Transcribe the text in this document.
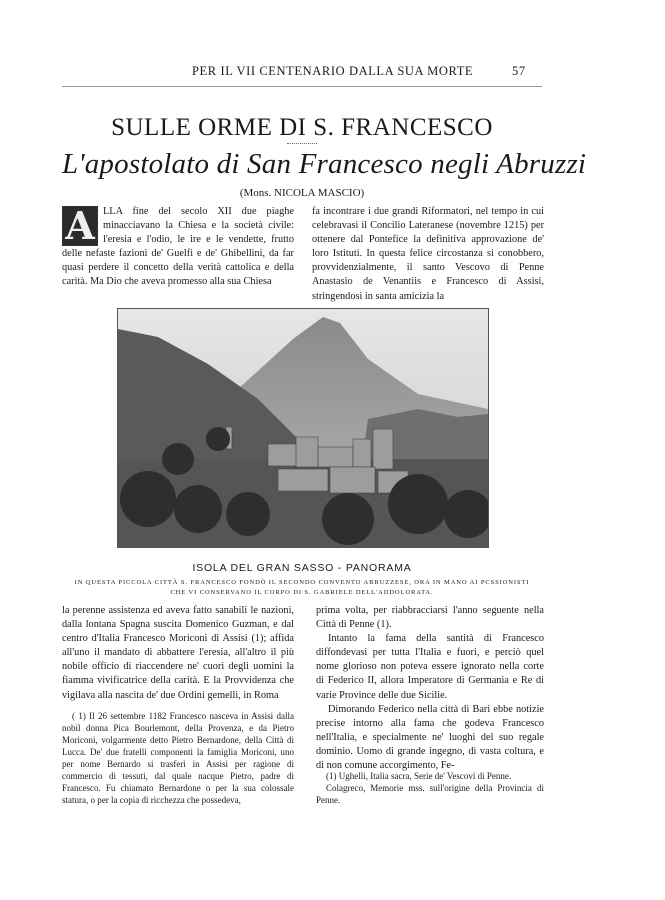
PER IL VII CENTENARIO DALLA SUA MORTE	57
SULLE ORME DI S. FRANCESCO
L'apostolato di San Francesco negli Abruzzi
(Mons. NICOLA MASCIO)
A LLA fine del secolo XII due piaghe minacciavano la Chiesa e la società civile: l'eresia e l'odio, le ire e le vendette, frutto delle nefaste fazioni de' Guelfi e de' Ghibellini, da far quasi perdere il concetto della verità cattolica e della carità. Ma Dio che aveva promesso alla sua Chiesa

fa incontrare i due grandi Riformatori, nel tempo in cui celebravasi il Concilio Lateranese (novembre 1215) per ottenere dal Pontefice la definitiva approvazione de' loro Istituti. In questa felice circostanza si conobbero, provvidenzialmente, il santo Vescovo di Penne Anastasio de Venantiis e Francesco di Assisi, stringendosi in santa amicizia la

ISOLA DEL GRAN SASSO - PANORAMA
IN QUESTA PICCOLA CITTÀ S. FRANCESCO FONDÒ IL SECONDO CONVENTO ABRUZZESE, ORA IN MANO AI PCSSIONISTI
CHE VI CONSERVANO IL CORPO DI S. GABRIELE DELL'ADDOLORATA.

la perenne assistenza ed aveva fatto sanabili le nazioni, dalla lontana Spagna suscita Domenico Guzman, e dal centro d'Italia Francesco Moriconi di Assisi (1); affida all'uno il mandato di abbattere l'eresia, all'altro il più nobile officio di riaccendere ne' cuori degli uomini la fiamma vivificatrice della carità. E la Provvidenza che vigilava alla nascita de' due Ordini gemelli, in Roma

prima volta, per riabbracciarsi l'anno seguente nella Città di Penne (1).

Intanto la fama della santità di Francesco diffondevasi per tutta l'Italia e fuori, e perciò quel nome glorioso non poteva essere ignorato nella corte di Federico II, allora Imperatore di Germania e Re di varie Province delle due Sicilie.

Dimorando Federico nella città di Bari ebbe notizie precise intorno alla fama che godeva Francesco nell'Italia, e specialmente ne' luoghi del suo regale dominio. Uomo di grande ingegno, di vasta coltura, e di non comune accorgimento, Fe-

( 1) Il 26 settembre 1182 Francesco nasceva in Assisi dalla nobil donna Pica Bourlemont, della Provenza, e da Pietro Moriconi, volgarmente detto Pietro Bernardone, della Città di Lucca. De' due fratelli componenti la famiglia Moriconi, uno per nome Bernardo si trasferì in Assisi per ragione di commercio di tessuti, dal quale nacque Pietro, padre di Francesco. Fu chiamato Bernardone o per la sua colossale statura, o per la copia di ricchezza che possedeva,

(1) Ughelli, Italia sacra, Serie de' Vescovi di Penne.

Colagreco, Memorie mss. sull'origine della Provincia di Penne.
